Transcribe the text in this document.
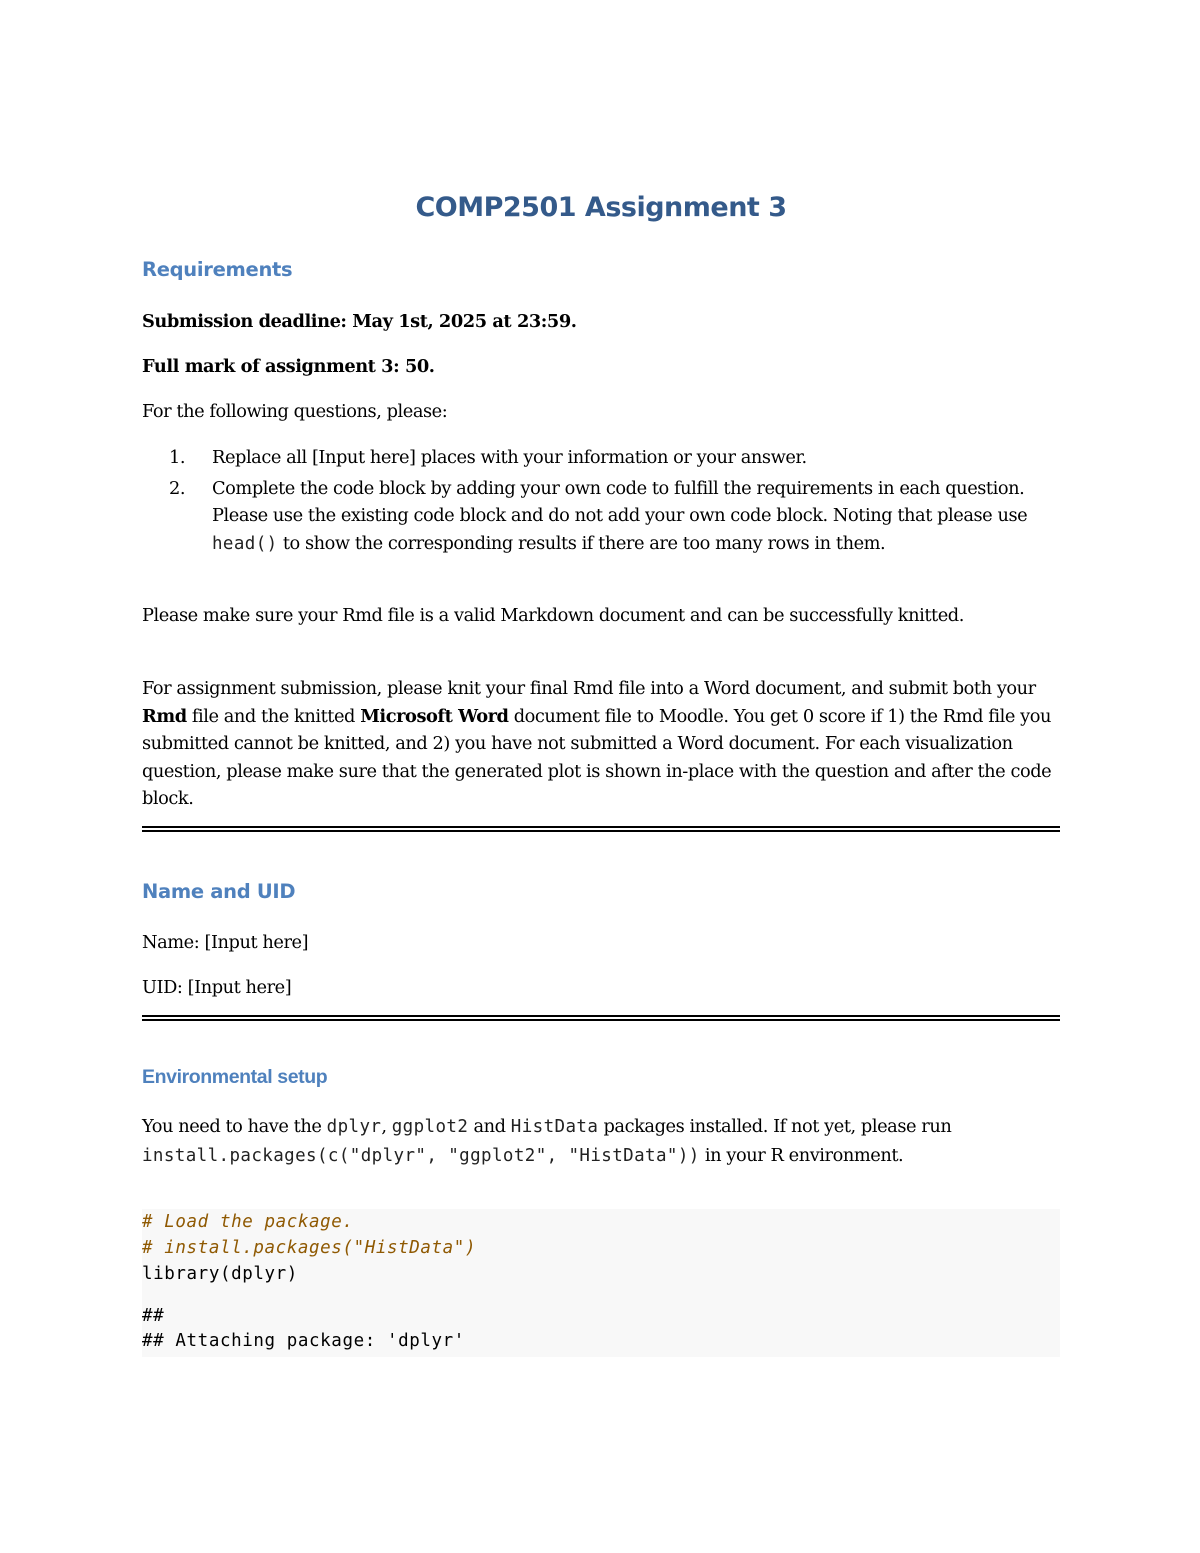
COMP2501 Assignment 3
Requirements
Submission deadline: May 1st, 2025 at 23:59.
Full mark of assignment 3: 50.
For the following questions, please:
1. Replace all [Input here] places with your information or your answer.
2. Complete the code block by adding your own code to fulfill the requirements in each question. Please use the existing code block and do not add your own code block. Noting that please use head() to show the corresponding results if there are too many rows in them.
Please make sure your Rmd file is a valid Markdown document and can be successfully knitted.
For assignment submission, please knit your final Rmd file into a Word document, and submit both your Rmd file and the knitted Microsoft Word document file to Moodle. You get 0 score if 1) the Rmd file you submitted cannot be knitted, and 2) you have not submitted a Word document. For each visualization question, please make sure that the generated plot is shown in-place with the question and after the code block.
Name and UID
Name: [Input here]
UID: [Input here]
Environmental setup
You need to have the dplyr, ggplot2 and HistData packages installed. If not yet, please run install.packages(c("dplyr", "ggplot2", "HistData")) in your R environment.
# Load the package.
# install.packages("HistData")
library(dplyr)
##
## Attaching package: 'dplyr'
